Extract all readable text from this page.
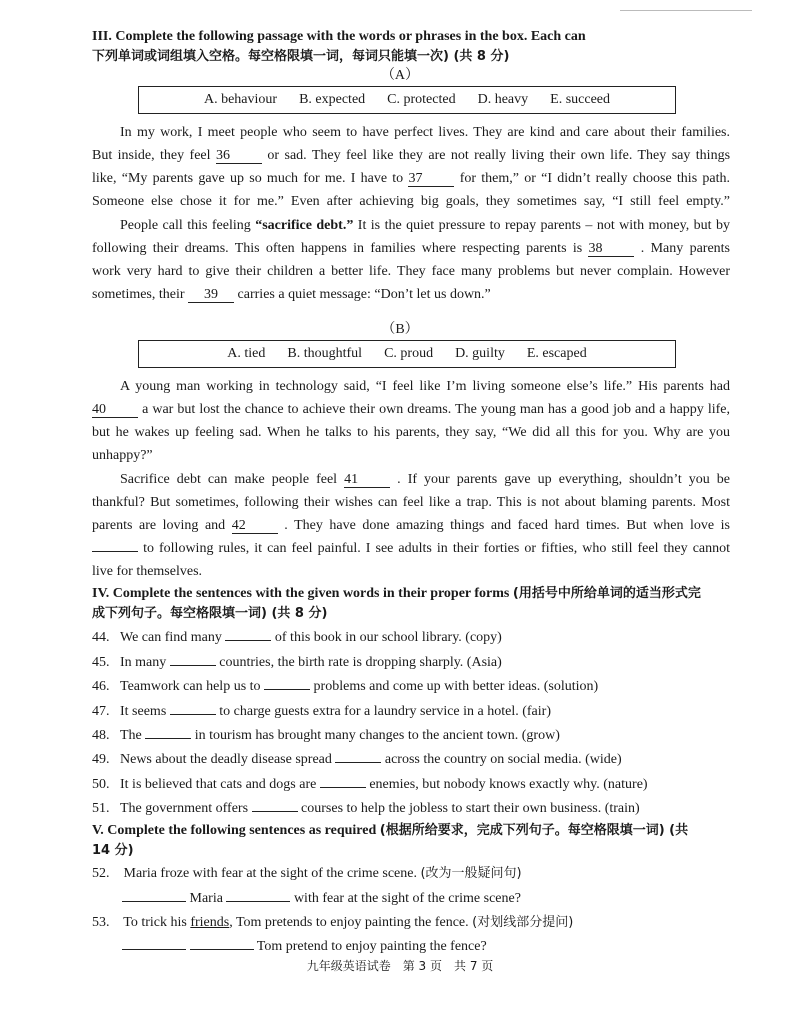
III. Complete the following passage with the words or phrases in the box. Each can
下列单词或词组填入空格。每空格限填一词，每词只能填一次) (共 8 分)
（A）
A. behaviour B. expected C. protected D. heavy E. succeed
In my work, I meet people who seem to have perfect lives. They are kind and care about their families.
But inside, they feel 36	or sad. They feel like they are not really living their own life. They say things
like, “My parents gave up so much for me. I have to 37	for them,” or “I didn’t really choose this path.
Someone else chose it for me.” Even after achieving big goals, they sometimes say, “I still feel empty.”
People call this feeling “sacrifice debt.” It is the quiet pressure to repay parents – not with money, but by
following their dreams. This often happens in families where respecting parents is 38	. Many parents
work very hard to give their children a better life. They face many problems but never complain. However
sometimes, their 39 carries a quiet message: “Don’t let us down.”
（B）
A. tied B. thoughtful C. proud D. guilty E. escaped
A young man working in technology said, “I feel like I’m living someone else’s life.” His parents had
40	a war but lost the chance to achieve their own dreams. The young man has a good job and a happy life,
but he wakes up feeling sad. When he talks to his parents, they say, “We did all this for you. Why are you
unhappy?”
Sacrifice debt can make people feel 41	. If your parents gave up everything, shouldn’t you be
thankful? But sometimes, following their wishes can feel like a trap. This is not about blaming parents. Most
parents are loving and 42	. They have done amazing things and faced hard times. But when love is
to following rules, it can feel painful. I see adults in their forties or fifties, who still feel they cannot
live for themselves.
IV. Complete the sentences with the given words in their proper forms (用括号中所给单词的适当形式完
成下列句子。每空格限填一词) (共 8 分)
44. We can find many	of this book in our school library. (copy)
45. In many	countries, the birth rate is dropping sharply. (Asia)
46. Teamwork can help us to	problems and come up with better ideas. (solution)
47. It seems	to charge guests extra for a laundry service in a hotel. (fair)
48. The	in tourism has brought many changes to the ancient town. (grow)
49. News about the deadly disease spread	across the country on social media. (wide)
50. It is believed that cats and dogs are	enemies, but nobody knows exactly why. (nature)
51. The government offers	courses to help the jobless to start their own business. (train)
V. Complete the following sentences as required (根据所给要求，完成下列句子。每空格限填一词) (共
14 分)
52. Maria froze with fear at the sight of the crime scene. (改为一般疑问句)
Maria	with fear at the sight of the crime scene?
53. To trick his friends, Tom pretends to enjoy painting the fence. (对划线部分提问)
Tom pretend to enjoy painting the fence?
九年级英语试卷　第 3 页　共 7 页
